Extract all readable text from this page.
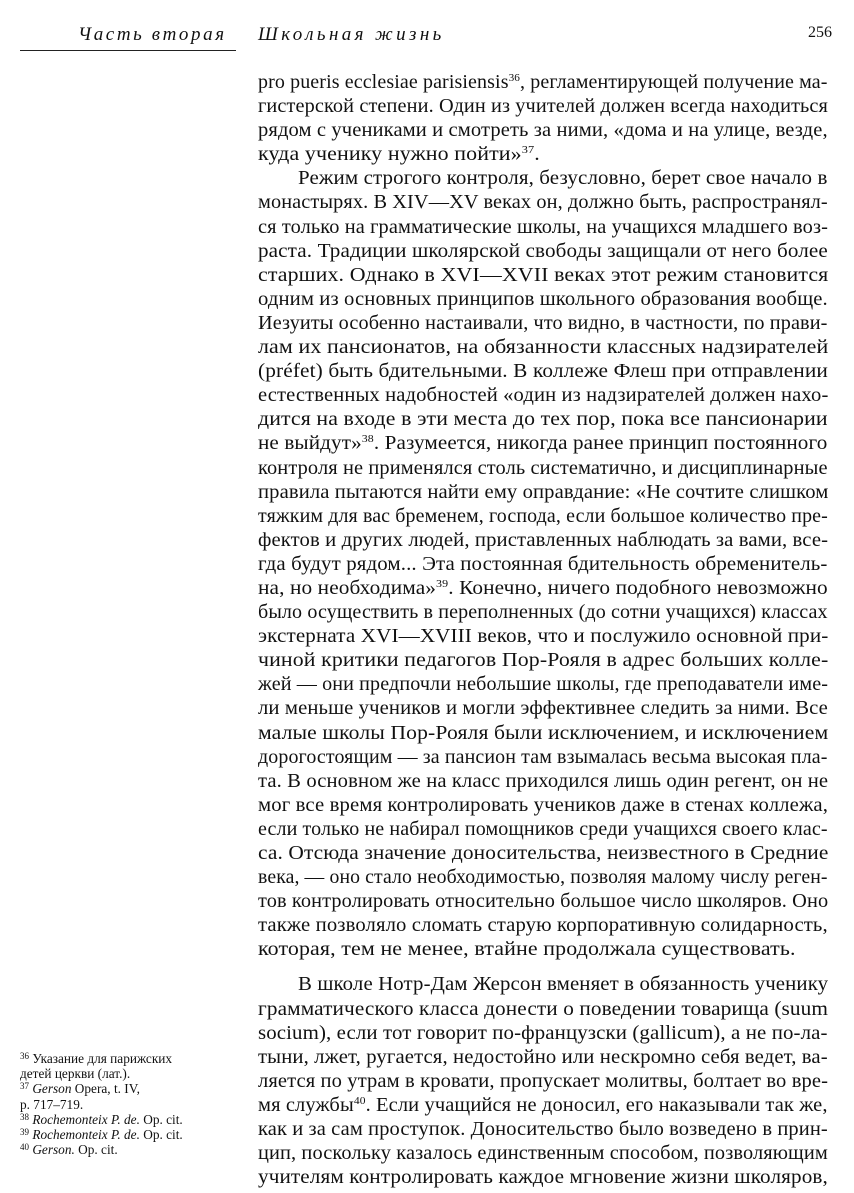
Часть вторая Школьная жизнь	256
pro pueris ecclesiae parisiensis$^{36}$, регламентирующей получение ма-
гистерской степени. Один из учителей должен всегда находиться
рядом с учениками и смотреть за ними, «дома и на улице, везде,
куда ученику нужно пойти»$^{37}$.
Режим строгого контроля, безусловно, берет свое начало в
монастырях. В XIV—XV веках он, должно быть, распространял-
ся только на грамматические школы, на учащихся младшего воз-
раста. Традиции школярской свободы защищали от него более
старших. Однако в XVI—XVII веках этот режим становится
одним из основных принципов школьного образования вообще.
Иезуиты особенно настаивали, что видно, в частности, по прави-
лам их пансионатов, на обязанности классных надзирателей
(préfet) быть бдительными. В коллеже Флеш при отправлении
естественных надобностей «один из надзирателей должен нахо-
дится на входе в эти места до тех пор, пока все пансионарии
не выйдут»$^{38}$. Разумеется, никогда ранее принцип постоянного
контроля не применялся столь систематично, и дисциплинарные
правила пытаются найти ему оправдание: «Не сочтите слишком
тяжким для вас бременем, господа, если большое количество пре-
фектов и других людей, приставленных наблюдать за вами, все-
гда будут рядом... Эта постоянная бдительность обременитель-
на, но необходима»$^{39}$. Конечно, ничего подобного невозможно
было осуществить в переполненных (до сотни учащихся) классах
экстерната XVI—XVIII веков, что и послужило основной при-
чиной критики педагогов Пор-Рояля в адрес больших колле-
жей — они предпочли небольшие школы, где преподаватели име-
ли меньше учеников и могли эффективнее следить за ними. Все
малые школы Пор-Рояля были исключением, и исключением
дорогостоящим — за пансион там взымалась весьма высокая пла-
та. В основном же на класс приходился лишь один регент, он не
мог все время контролировать учеников даже в стенах коллежа,
если только не набирал помощников среди учащихся своего клас-
са. Отсюда значение доносительства, неизвестного в Средние
века, — оно стало необходимостью, позволяя малому числу реген-
тов контролировать относительно большое число школяров. Оно
также позволяло сломать старую корпоративную солидарность,
которая, тем не менее, втайне продолжала существовать.
В школе Нотр-Дам Жерсон вменяет в обязанность ученику
грамматического класса донести о поведении товарища (suum
socium), если тот говорит по-французски (gallicum), а не по-ла-
тыни, лжет, ругается, недостойно или нескромно себя ведет, ва-
ляется по утрам в кровати, пропускает молитвы, болтает во вре-
мя службы$^{40}$. Если учащийся не доносил, его наказывали так же,
как и за сам проступок. Доносительство было возведено в прин-
цип, поскольку казалось единственным способом, позволяющим
учителям контролировать каждое мгновение жизни школяров,
$^{36}$ Указание для парижских
детей церкви (лат.).
$^{37}$ Gerson Opera, t. IV,
p. 717–719.
$^{38}$ Rochemonteix P. de. Op. cit.
$^{39}$ Rochemonteix P. de. Op. cit.
$^{40}$ Gerson. Op. cit.
